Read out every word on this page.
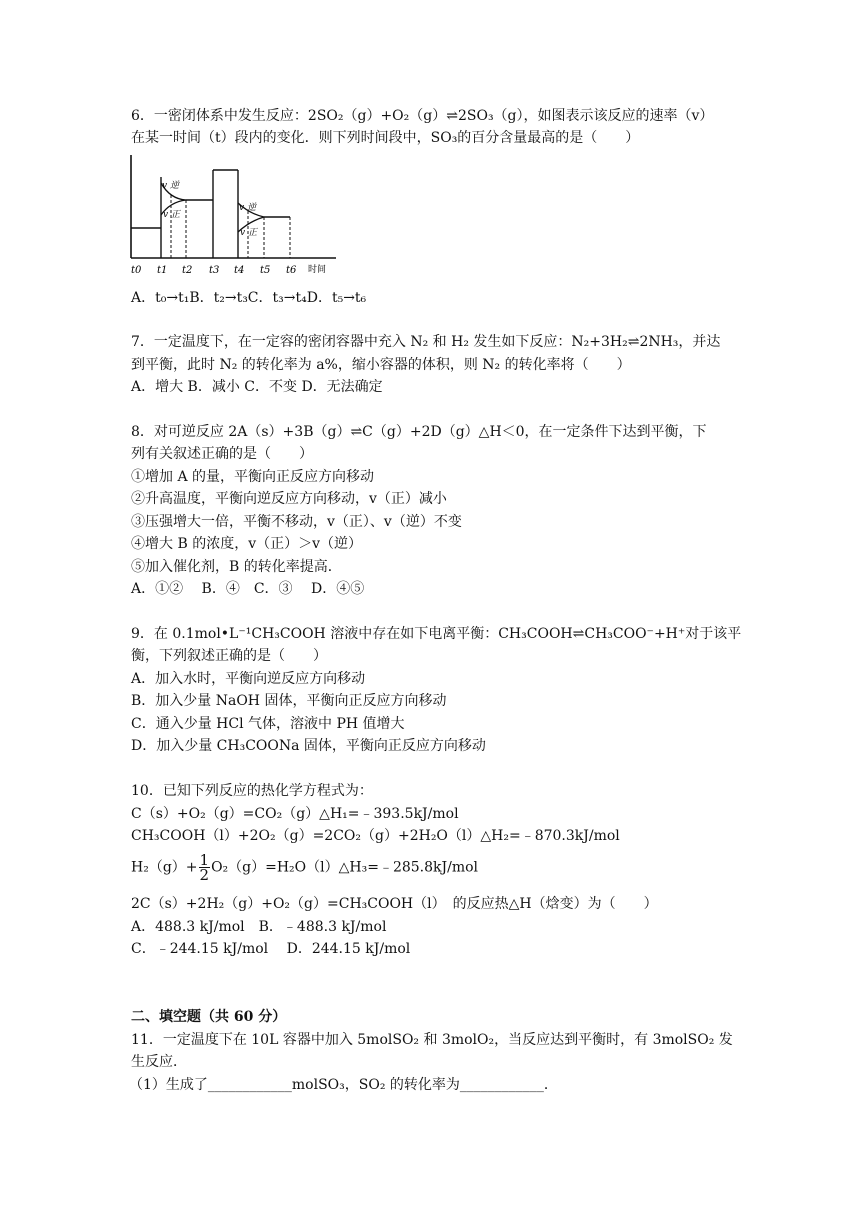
6．一密闭体系中发生反应：2SO₂（g）+O₂（g）⇌2SO₃（g），如图表示该反应的速率（v）
在某一时间（t）段内的变化．则下列时间段中，SO₃的百分含量最高的是（　　）
v 逆
v 正
v 逆
v 正
t0 t1 t2 t3 t4 t5 t6 时间
A．t₀→t₁B．t₂→t₃C．t₃→t₄D．t₅→t₆
7．一定温度下，在一定容的密闭容器中充入 N₂ 和 H₂ 发生如下反应：N₂+3H₂⇌2NH₃，并达
到平衡，此时 N₂ 的转化率为 a%，缩小容器的体积，则 N₂ 的转化率将（　　）
A．增大 B．减小 C．不变 D．无法确定
8．对可逆反应 2A（s）+3B（g）⇌C（g）+2D（g）△H＜0，在一定条件下达到平衡，下
列有关叙述正确的是（　　）
①增加 A 的量，平衡向正反应方向移动
②升高温度，平衡向逆反应方向移动，v（正）减小
③压强增大一倍，平衡不移动，v（正）、v（逆）不变
④增大 B 的浓度，v（正）＞v（逆）
⑤加入催化剂，B 的转化率提高．
A．①②　 B．④　C．③　 D．④⑤
9．在 0.1mol•L⁻¹CH₃COOH 溶液中存在如下电离平衡：CH₃COOH⇌CH₃COO⁻+H⁺对于该平
衡，下列叙述正确的是（　　）
A．加入水时，平衡向逆反应方向移动
B．加入少量 NaOH 固体，平衡向正反应方向移动
C．通入少量 HCl 气体，溶液中 PH 值增大
D．加入少量 CH₃COONa 固体，平衡向正反应方向移动
10．已知下列反应的热化学方程式为：
C（s）+O₂（g）=CO₂（g）△H₁=﹣393.5kJ/mol
CH₃COOH（l）+2O₂（g）=2CO₂（g）+2H₂O（l）△H₂=﹣870.3kJ/mol
$H_2(g)+ \frac{1}{2}$ O₂（g）=H₂O（l）△H₃=﹣285.8kJ/mol
2C（s）+2H₂（g）+O₂（g）=CH₃COOH（l）　的反应热△H（焓变）为（　　）
A．488.3 kJ/mol　B．﹣488.3 kJ/mol
C．﹣244.15 kJ/mol　 D．244.15 kJ/mol
二、填空题（共 60 分）
11．一定温度下在 10L 容器中加入 5molSO₂ 和 3molO₂，当反应达到平衡时，有 3molSO₂ 发
生反应．
（1）生成了____________molSO₃，SO₂ 的转化率为____________．
